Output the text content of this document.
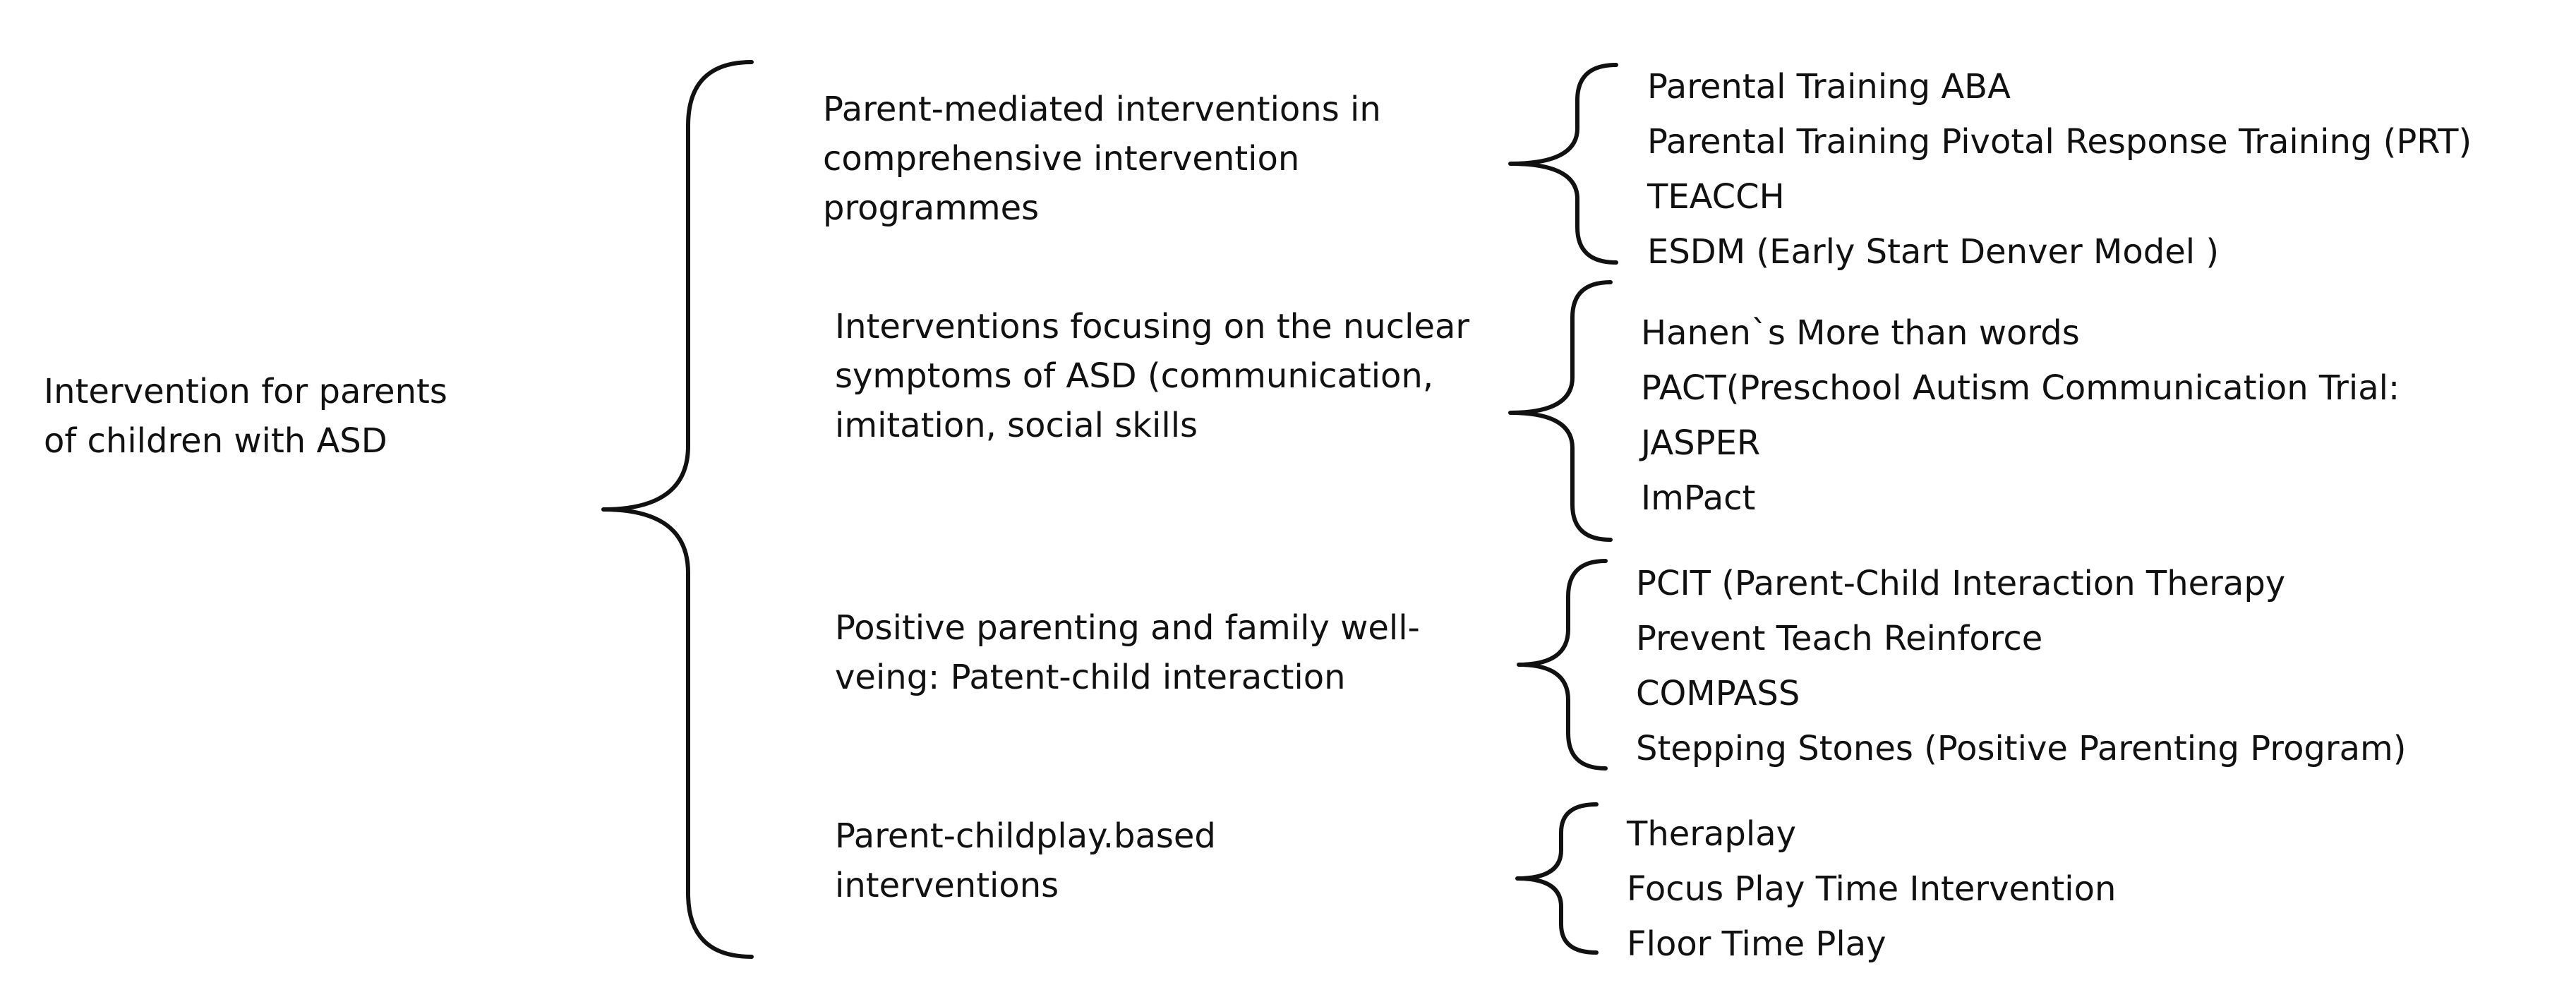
Intervention for parents
of children with ASD
Parent-mediated interventions in
comprehensive intervention
programmes
Parental Training ABA
Parental Training Pivotal Response Training (PRT)
TEACCH
ESDM (Early Start Denver Model )
Interventions focusing on the nuclear
symptoms of ASD (communication,
imitation, social skills
Hanen`s More than words
PACT(Preschool Autism Communication Trial:
JASPER
ImPact
Positive parenting and family well-
veing: Patent-child interaction
PCIT (Parent-Child Interaction Therapy
Prevent Teach Reinforce
COMPASS
Stepping Stones (Positive Parenting Program)
Parent-childplay.based
interventions
Theraplay
Focus Play Time Intervention
Floor Time Play
